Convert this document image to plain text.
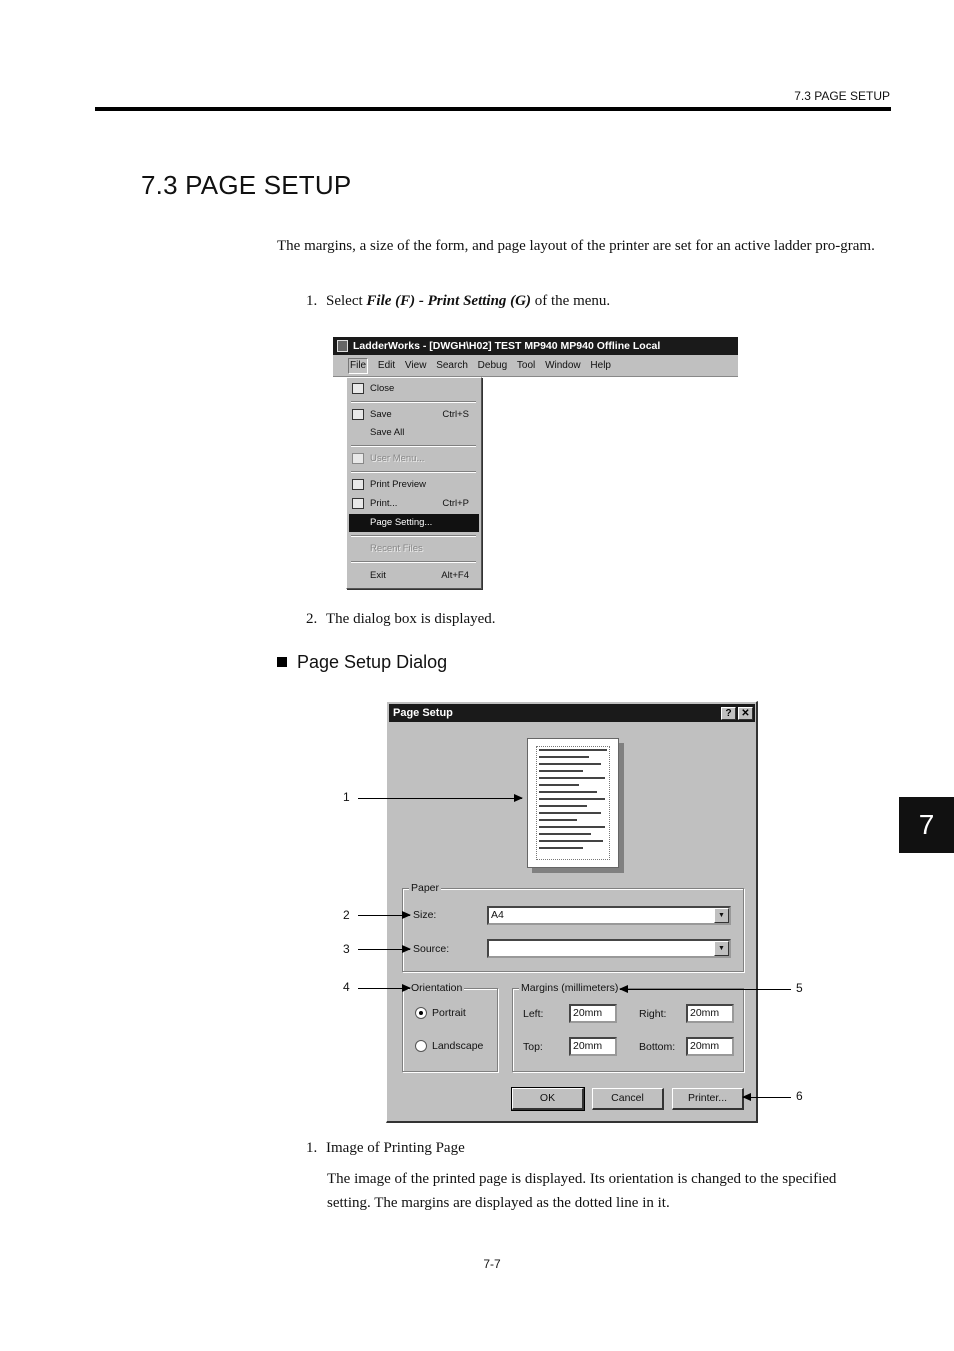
7.3 PAGE SETUP
7.3 PAGE SETUP
The margins, a size of the form, and page layout of the printer are set for an active ladder pro-gram.
1. Select File (F) - Print Setting (G) of the menu.
LadderWorks - [DWGH\H02] TEST MP940 MP940 Offline Local
File Edit View Search Debug Tool Window Help
Close
Save	Ctrl+S
Save All
User Menu...
Print Preview
Print...	Ctrl+P
Page Setting...
Recent Files
Exit	Alt+F4
2. The dialog box is displayed.
Page Setup Dialog
Page Setup	? ✕
Paper
Size:	A4	▼
Source:	▼
Orientation
Portrait
Landscape
Margins (millimeters)
Left:	20mm	Right:	20mm
Top:	20mm	Bottom:	20mm
OK	Cancel	Printer...
1
2
3
4	5
6
1. Image of Printing Page
The image of the printed page is displayed. Its orientation is changed to the specified setting. The margins are displayed as the dotted line in it.
7-7
7
